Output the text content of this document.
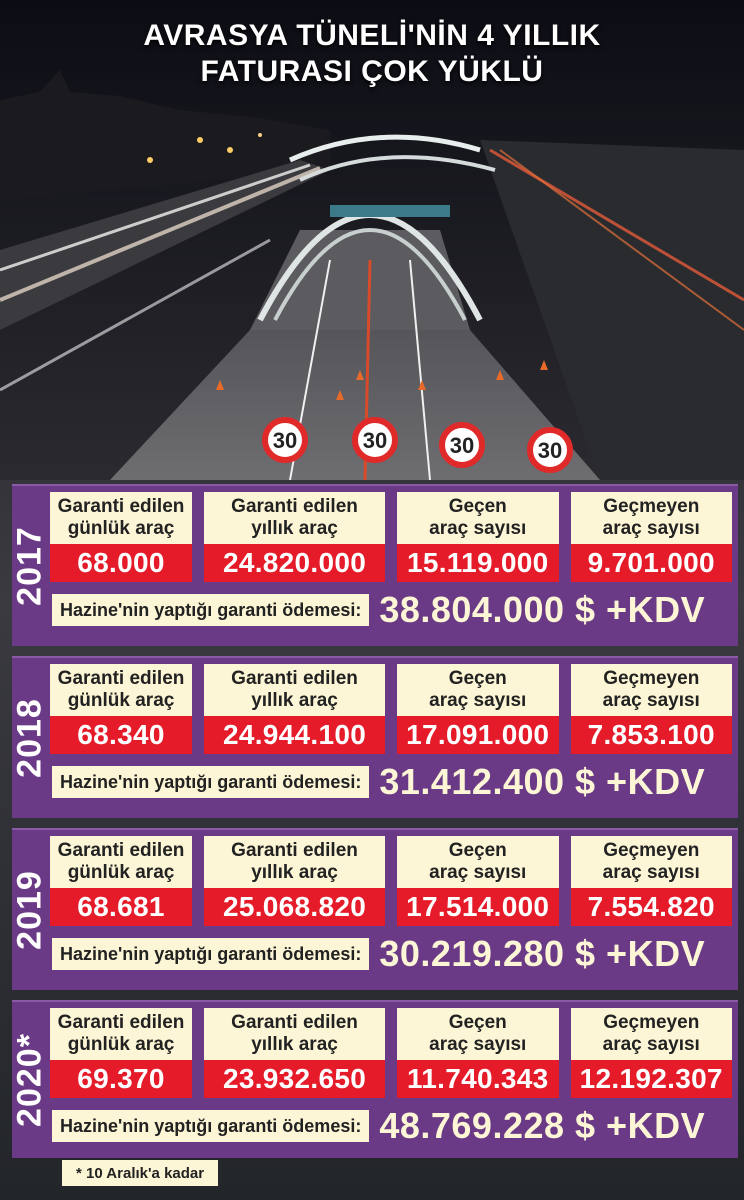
30	30	30	30
AVRASYA TÜNELİ'NİN 4 YILLIK
FATURASI ÇOK YÜKLÜ
2017
Garanti edilen
günlük araç
68.000
Garanti edilen
yıllık araç
24.820.000
Geçen
araç sayısı
15.119.000
Geçmeyen
araç sayısı
9.701.000
Hazine'nin yaptığı garanti ödemesi: 38.804.000 $ +KDV
2018
Garanti edilen
günlük araç
68.340
Garanti edilen
yıllık araç
24.944.100
Geçen
araç sayısı
17.091.000
Geçmeyen
araç sayısı
7.853.100
Hazine'nin yaptığı garanti ödemesi: 31.412.400 $ +KDV
2019
Garanti edilen
günlük araç
68.681
Garanti edilen
yıllık araç
25.068.820
Geçen
araç sayısı
17.514.000
Geçmeyen
araç sayısı
7.554.820
Hazine'nin yaptığı garanti ödemesi: 30.219.280 $ +KDV
2020*
Garanti edilen
günlük araç
69.370
Garanti edilen
yıllık araç
23.932.650
Geçen
araç sayısı
11.740.343
Geçmeyen
araç sayısı
12.192.307
Hazine'nin yaptığı garanti ödemesi: 48.769.228 $ +KDV
* 10 Aralık'a kadar
